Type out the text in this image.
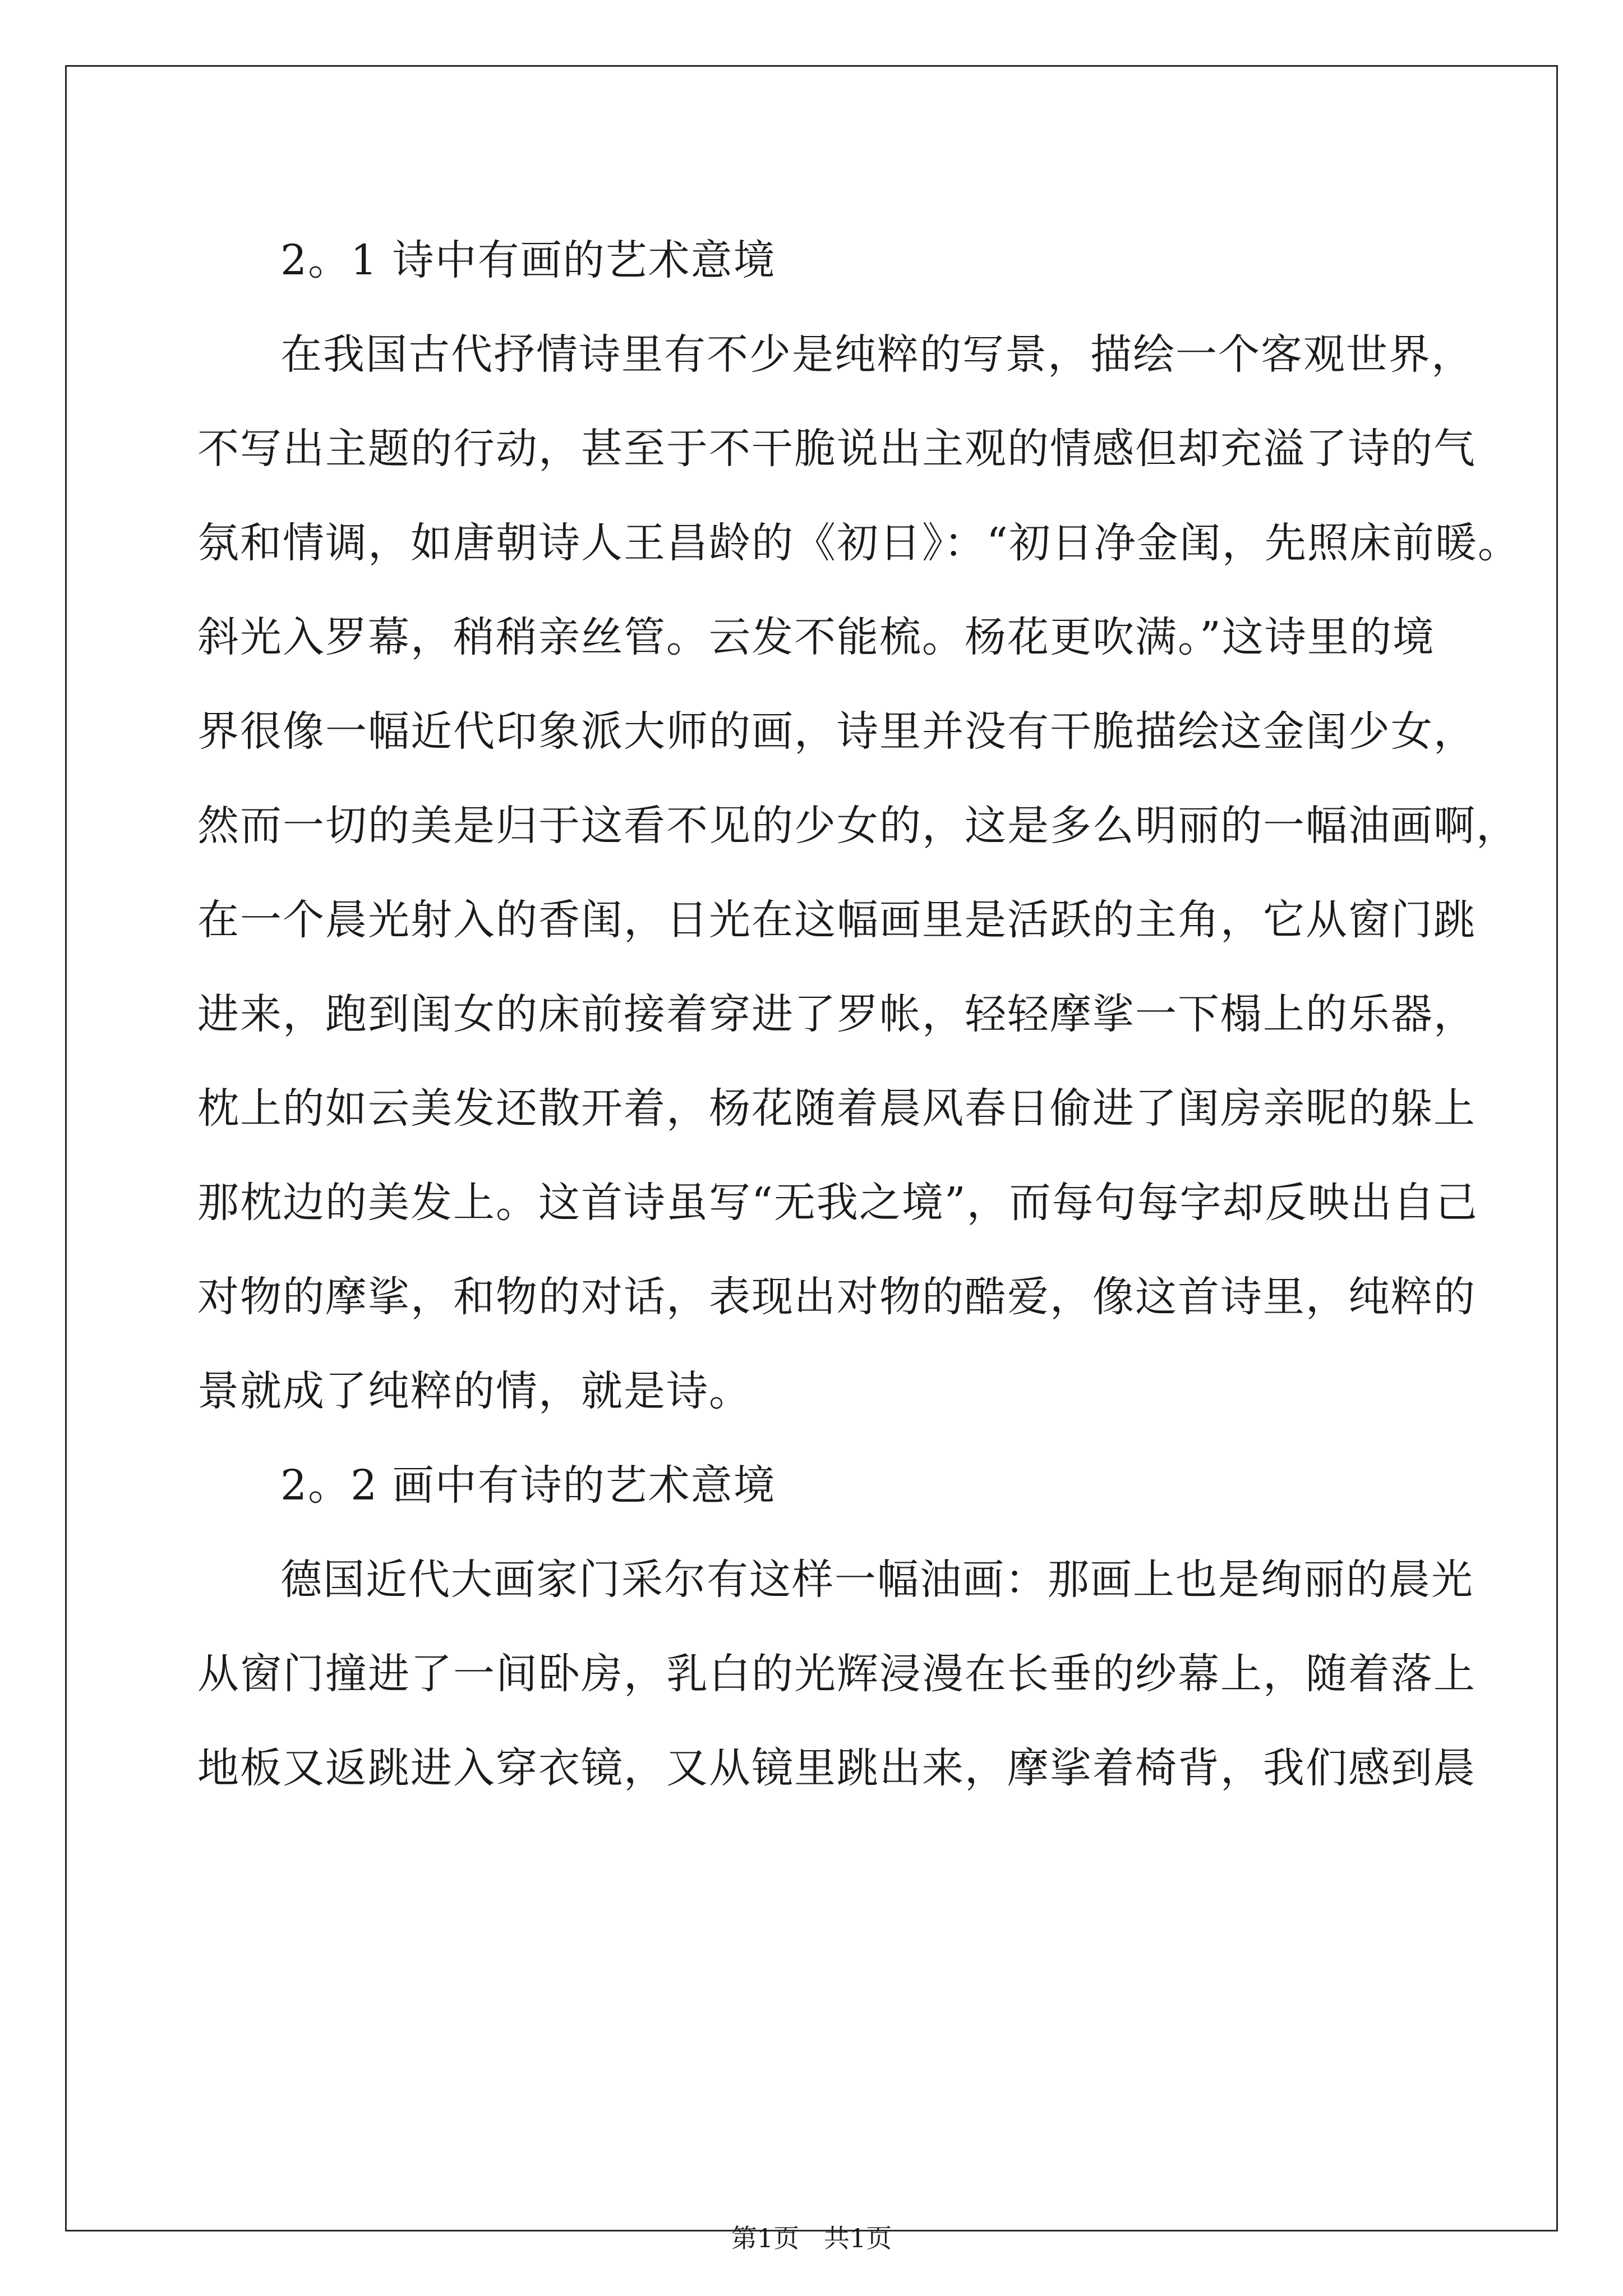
2。1 诗中有画的艺术意境

在我国古代抒情诗里有不少是纯粹的写景，描绘一个客观世界，
不写出主题的行动，甚至于不干脆说出主观的情感但却充溢了诗的气
氛和情调，如唐朝诗人王昌龄的《初日》：“初日净金闺，先照床前暖。
斜光入罗幕，稍稍亲丝管。云发不能梳。杨花更吹满。”这诗里的境
界很像一幅近代印象派大师的画，诗里并没有干脆描绘这金闺少女，
然而一切的美是归于这看不见的少女的，这是多么明丽的一幅油画啊，
在一个晨光射入的香闺，日光在这幅画里是活跃的主角，它从窗门跳
进来，跑到闺女的床前接着穿进了罗帐，轻轻摩挲一下榻上的乐器，
枕上的如云美发还散开着，杨花随着晨风春日偷进了闺房亲昵的躲上
那枕边的美发上。这首诗虽写“无我之境”，而每句每字却反映出自己
对物的摩挲，和物的对话，表现出对物的酷爱，像这首诗里，纯粹的
景就成了纯粹的情，就是诗。

2。2 画中有诗的艺术意境

德国近代大画家门采尔有这样一幅油画：那画上也是绚丽的晨光
从窗门撞进了一间卧房，乳白的光辉浸漫在长垂的纱幕上，随着落上
地板又返跳进入穿衣镜，又从镜里跳出来，摩挲着椅背，我们感到晨

第1页   共1页
